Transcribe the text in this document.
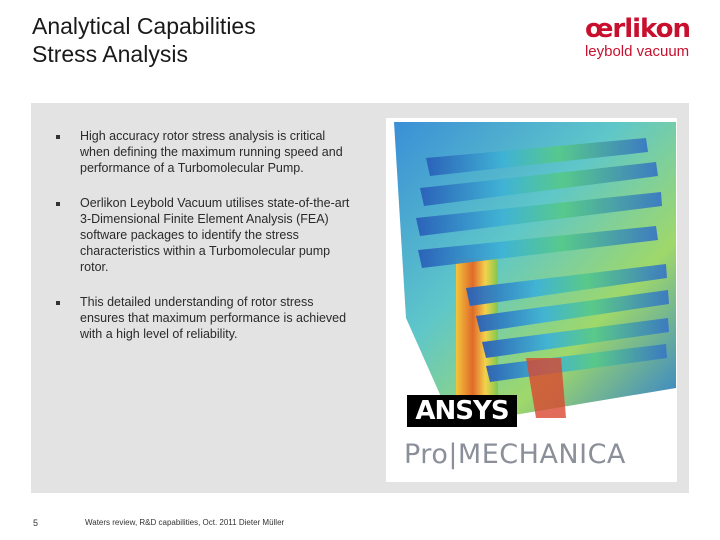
Analytical Capabilities
Stress Analysis
œrlikon
leybold vacuum
High accuracy rotor stress analysis is critical when defining the maximum running speed and performance of a Turbomolecular Pump.
Oerlikon Leybold Vacuum utilises state-of-the-art 3-Dimensional Finite Element Analysis (FEA) software packages to identify the stress characteristics within a Turbomolecular pump rotor.
This detailed understanding of rotor stress ensures that maximum performance is achieved with a high level of reliability.
ANSYS
Pro|MECHANICA
5	Waters review, R&D capabilities, Oct. 2011 Dieter Müller
